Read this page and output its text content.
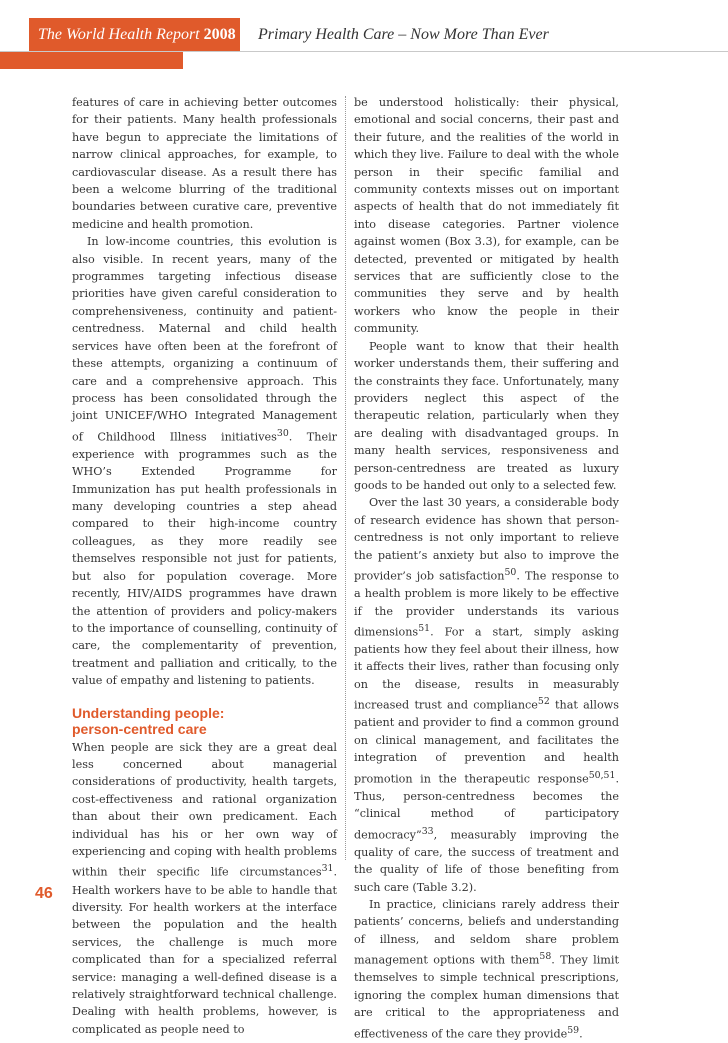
The World Health Report 2008 Primary Health Care – Now More Than Ever

features of care in achieving better outcomes for their patients. Many health professionals have begun to appreciate the limitations of narrow clinical approaches, for example, to cardiovascular disease. As a result there has been a welcome blurring of the traditional boundaries between curative care, preventive medicine and health promotion.

In low-income countries, this evolution is also visible. In recent years, many of the programmes targeting infectious disease priorities have given careful consideration to comprehensiveness, continuity and patient-centredness. Maternal and child health services have often been at the forefront of these attempts, organizing a continuum of care and a comprehensive approach. This process has been consolidated through the joint UNICEF/WHO Integrated Management of Childhood Illness initiatives$^{30}$. Their experience with programmes such as the WHO’s Extended Programme for Immunization has put health professionals in many developing countries a step ahead compared to their high-income country colleagues, as they more readily see themselves responsible not just for patients, but also for population coverage. More recently, HIV/AIDS programmes have drawn the attention of providers and policy-makers to the importance of counselling, continuity of care, the complementarity of prevention, treatment and palliation and critically, to the value of empathy and listening to patients.

Understanding people:
person-centred care

When people are sick they are a great deal less concerned about managerial considerations of productivity, health targets, cost-effectiveness and rational organization than about their own predicament. Each individual has his or her own way of experiencing and coping with health problems within their specific life circumstances$^{31}$. Health workers have to be able to handle that diversity. For health workers at the interface between the population and the health services, the challenge is much more complicated than for a specialized referral service: managing a well-defined disease is a relatively straightforward technical challenge. Dealing with health problems, however, is complicated as people need to

be understood holistically: their physical, emotional and social concerns, their past and their future, and the realities of the world in which they live. Failure to deal with the whole person in their specific familial and community contexts misses out on important aspects of health that do not immediately fit into disease categories. Partner violence against women (Box 3.3), for example, can be detected, prevented or mitigated by health services that are sufficiently close to the communities they serve and by health workers who know the people in their community.

People want to know that their health worker understands them, their suffering and the constraints they face. Unfortunately, many providers neglect this aspect of the therapeutic relation, particularly when they are dealing with disadvantaged groups. In many health services, responsiveness and person-centredness are treated as luxury goods to be handed out only to a selected few.

Over the last 30 years, a considerable body of research evidence has shown that person-centredness is not only important to relieve the patient’s anxiety but also to improve the provider’s job satisfaction$^{50}$. The response to a health problem is more likely to be effective if the provider understands its various dimensions$^{51}$. For a start, simply asking patients how they feel about their illness, how it affects their lives, rather than focusing only on the disease, results in measurably increased trust and compliance$^{52}$ that allows patient and provider to find a common ground on clinical management, and facilitates the integration of prevention and health promotion in the therapeutic response$^{50,51}$. Thus, person-centredness becomes the “clinical method of participatory democracy”$^{33}$, measurably improving the quality of care, the success of treatment and the quality of life of those benefiting from such care (Table 3.2).

In practice, clinicians rarely address their patients’ concerns, beliefs and understanding of illness, and seldom share problem management options with them$^{58}$. They limit themselves to simple technical prescriptions, ignoring the complex human dimensions that are critical to the appropriateness and effectiveness of the care they provide$^{59}$.

46
